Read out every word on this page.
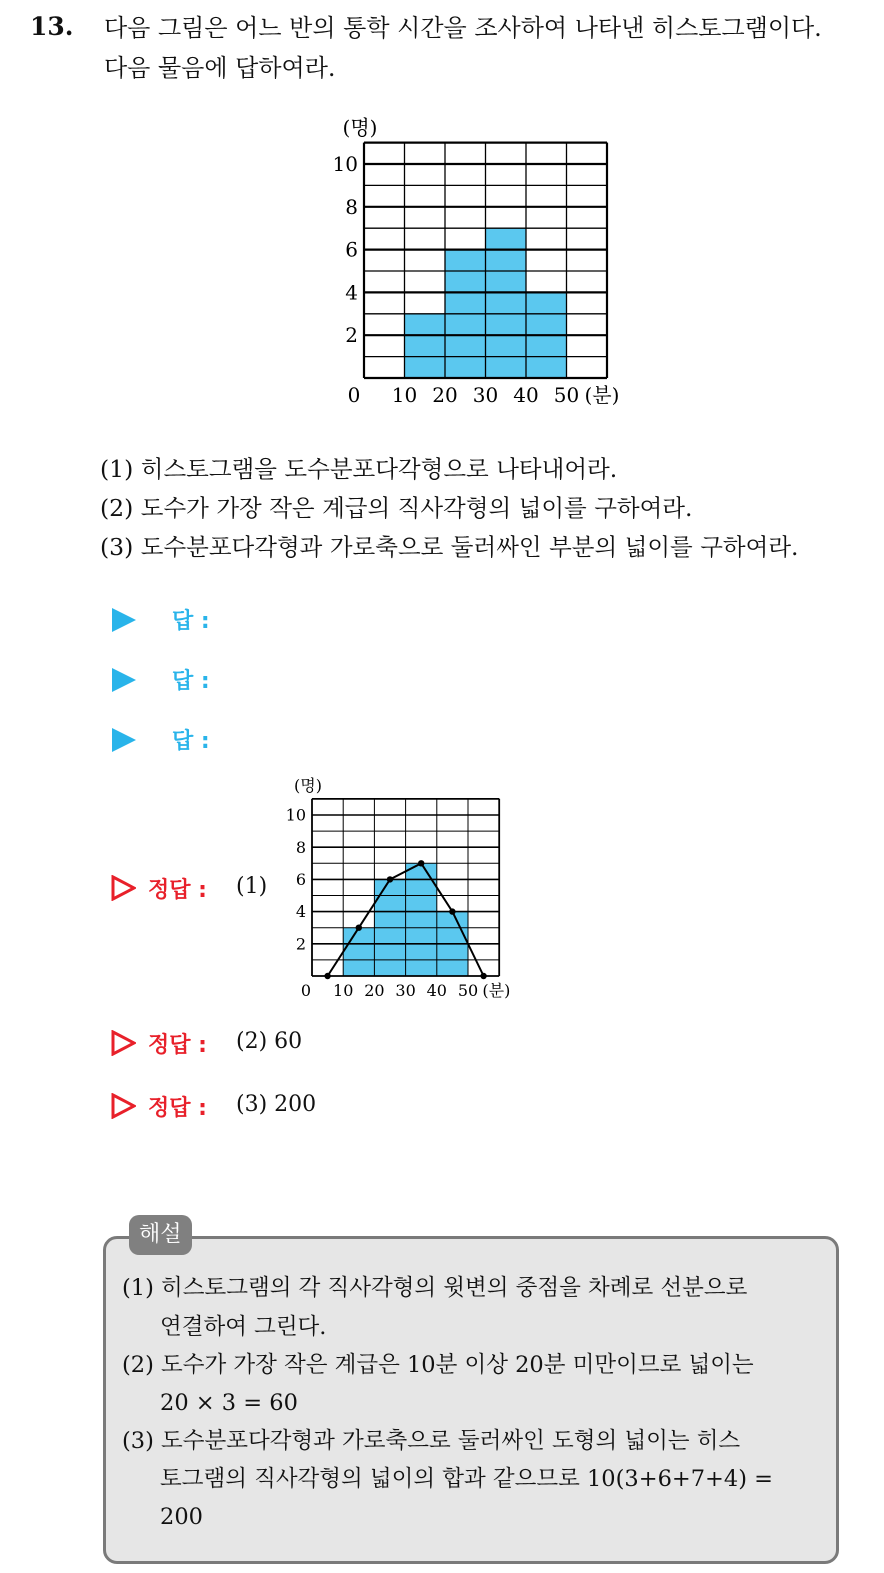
13. 다음 그림은 어느 반의 통학 시간을 조사하여 나타낸 히스토그램이다.
다음 물음에 답하여라.
2
4
6
8
10
10 20 30 40 50
0	(분)
(명)
(1) 히스토그램을 도수분포다각형으로 나타내어라.
(2) 도수가 가장 작은 계급의 직사각형의 넓이를 구하여라.
(3) 도수분포다각형과 가로축으로 둘러싸인 부분의 넓이를 구하여라.
답 :
답 :
답 :
정답 : (1)
2
4
6
8
10
10 20 30 40 50
0	(분)
(명)
정답 : (2) 60
정답 : (3) 200
해설
(1) 히스토그램의 각 직사각형의 윗변의 중점을 차례로 선분으로
연결하여 그린다.
(2) 도수가 가장 작은 계급은 10분 이상 20분 미만이므로 넓이는
20 × 3 = 60
(3) 도수분포다각형과 가로축으로 둘러싸인 도형의 넓이는 히스
토그램의 직사각형의 넓이의 합과 같으므로 10(3+6+7+4) =
200
